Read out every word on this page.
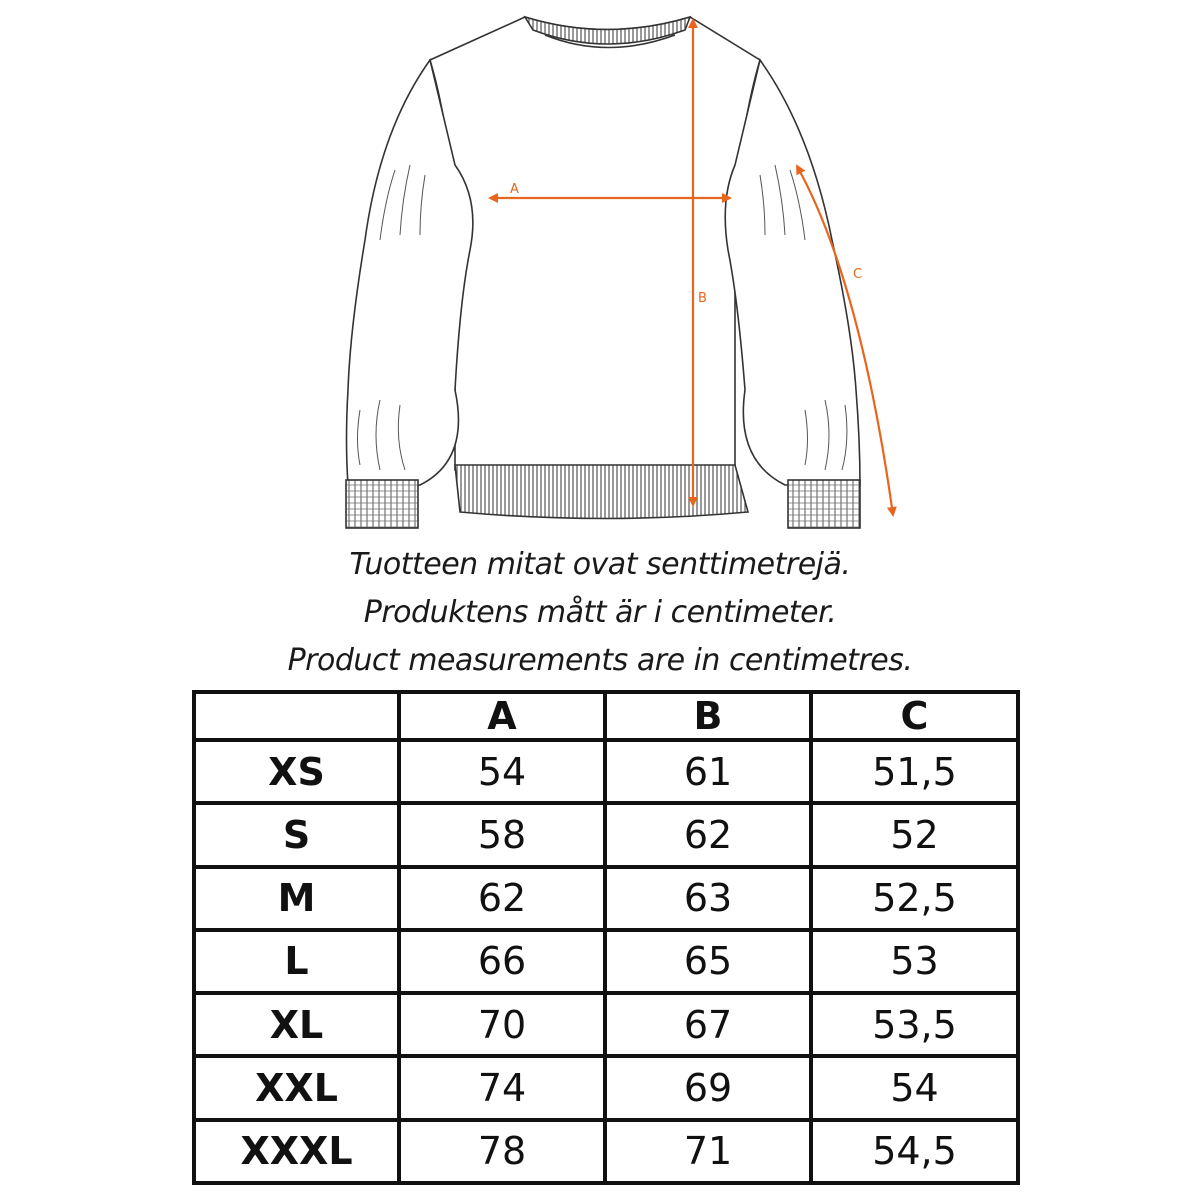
A
B
C
Tuotteen mitat ovat senttimetrejä.
Produktens mått är i centimeter.
Product measurements are in centimetres.
	A	B	C
XS	54	61	51,5
S	58	62	52
M	62	63	52,5
L	66	65	53
XL	70	67	53,5
XXL	74	69	54
XXXL	78	71	54,5
